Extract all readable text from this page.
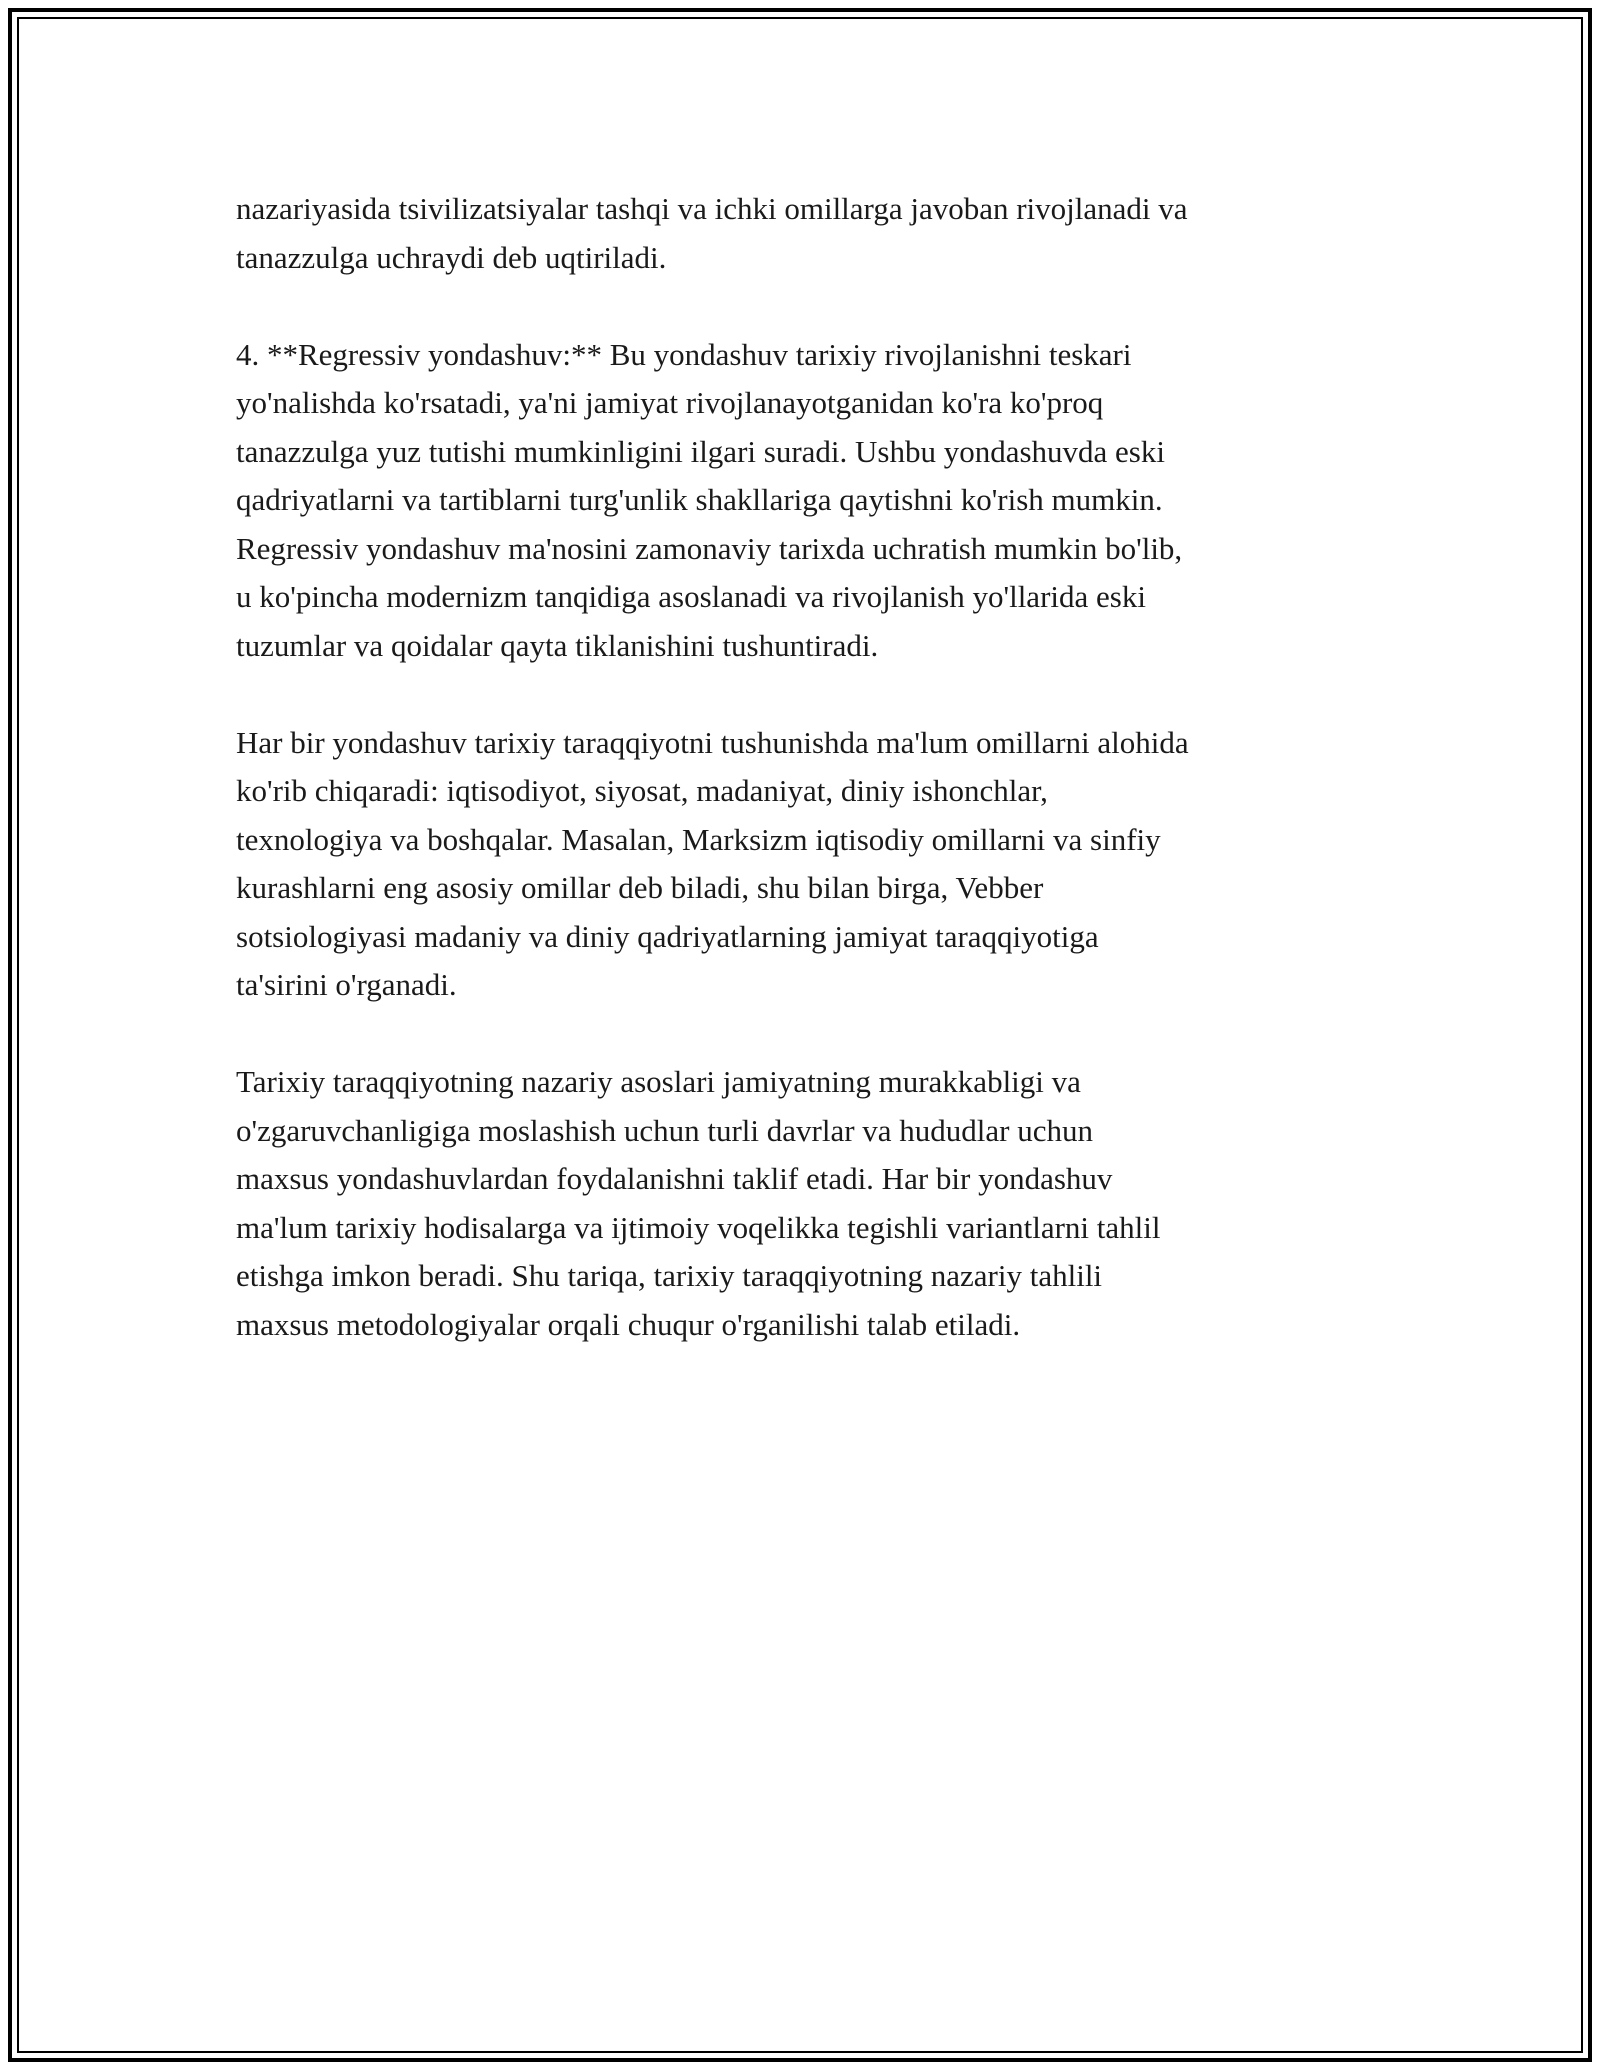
nazariyasida tsivilizatsiyalar tashqi va ichki omillarga javoban rivojlanadi va
tanazzulga uchraydi deb uqtiriladi.

4. **Regressiv yondashuv:** Bu yondashuv tarixiy rivojlanishni teskari
yo'nalishda ko'rsatadi, ya'ni jamiyat rivojlanayotganidan ko'ra ko'proq
tanazzulga yuz tutishi mumkinligini ilgari suradi. Ushbu yondashuvda eski
qadriyatlarni va tartiblarni turg'unlik shakllariga qaytishni ko'rish mumkin.
Regressiv yondashuv ma'nosini zamonaviy tarixda uchratish mumkin bo'lib,
u ko'pincha modernizm tanqidiga asoslanadi va rivojlanish yo'llarida eski
tuzumlar va qoidalar qayta tiklanishini tushuntiradi.

Har bir yondashuv tarixiy taraqqiyotni tushunishda ma'lum omillarni alohida
ko'rib chiqaradi: iqtisodiyot, siyosat, madaniyat, diniy ishonchlar,
texnologiya va boshqalar. Masalan, Marksizm iqtisodiy omillarni va sinfiy
kurashlarni eng asosiy omillar deb biladi, shu bilan birga, Vebber
sotsiologiyasi madaniy va diniy qadriyatlarning jamiyat taraqqiyotiga
ta'sirini o'rganadi.

Tarixiy taraqqiyotning nazariy asoslari jamiyatning murakkabligi va
o'zgaruvchanligiga moslashish uchun turli davrlar va hududlar uchun
maxsus yondashuvlardan foydalanishni taklif etadi. Har bir yondashuv
ma'lum tarixiy hodisalarga va ijtimoiy voqelikka tegishli variantlarni tahlil
etishga imkon beradi. Shu tariqa, tarixiy taraqqiyotning nazariy tahlili
maxsus metodologiyalar orqali chuqur o'rganilishi talab etiladi.
